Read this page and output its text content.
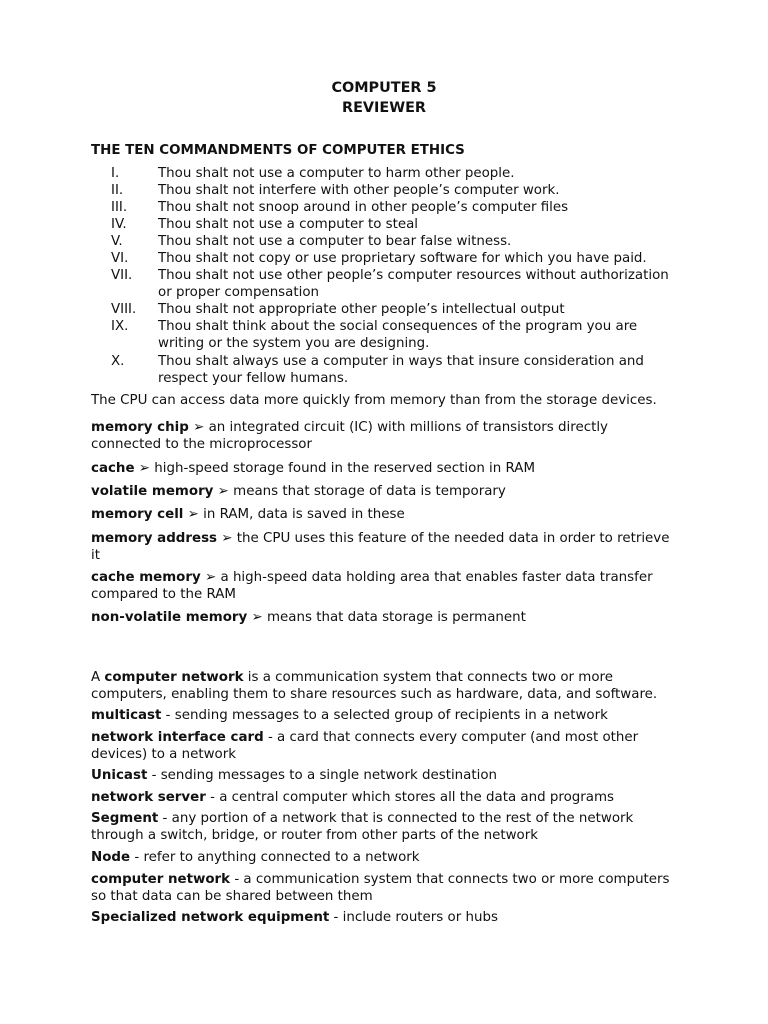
COMPUTER 5
REVIEWER
THE TEN COMMANDMENTS OF COMPUTER ETHICS
I.	Thou shalt not use a computer to harm other people.
II.	Thou shalt not interfere with other people’s computer work.
III. Thou shalt not snoop around in other people’s computer files
IV. Thou shalt not use a computer to steal
V.	Thou shalt not use a computer to bear false witness.
VI. Thou shalt not copy or use proprietary software for which you have paid.
VII. Thou shalt not use other people’s computer resources without authorization
or proper compensation
VIII. Thou shalt not appropriate other people’s intellectual output
IX. Thou shalt think about the social consequences of the program you are
writing or the system you are designing.
X.	Thou shalt always use a computer in ways that insure consideration and
respect your fellow humans.
The CPU can access data more quickly from memory than from the storage devices.
memory chip ➢ an integrated circuit (IC) with millions of transistors directly
connected to the microprocessor
cache ➢ high-speed storage found in the reserved section in RAM
volatile memory ➢ means that storage of data is temporary
memory cell ➢ in RAM, data is saved in these
memory address ➢ the CPU uses this feature of the needed data in order to retrieve
it
cache memory ➢ a high-speed data holding area that enables faster data transfer
compared to the RAM
non-volatile memory ➢ means that data storage is permanent
A computer network is a communication system that connects two or more
computers, enabling them to share resources such as hardware, data, and software.
multicast - sending messages to a selected group of recipients in a network
network interface card - a card that connects every computer (and most other
devices) to a network
Unicast - sending messages to a single network destination
network server - a central computer which stores all the data and programs
Segment - any portion of a network that is connected to the rest of the network
through a switch, bridge, or router from other parts of the network
Node - refer to anything connected to a network
computer network - a communication system that connects two or more computers
so that data can be shared between them
Specialized network equipment - include routers or hubs
